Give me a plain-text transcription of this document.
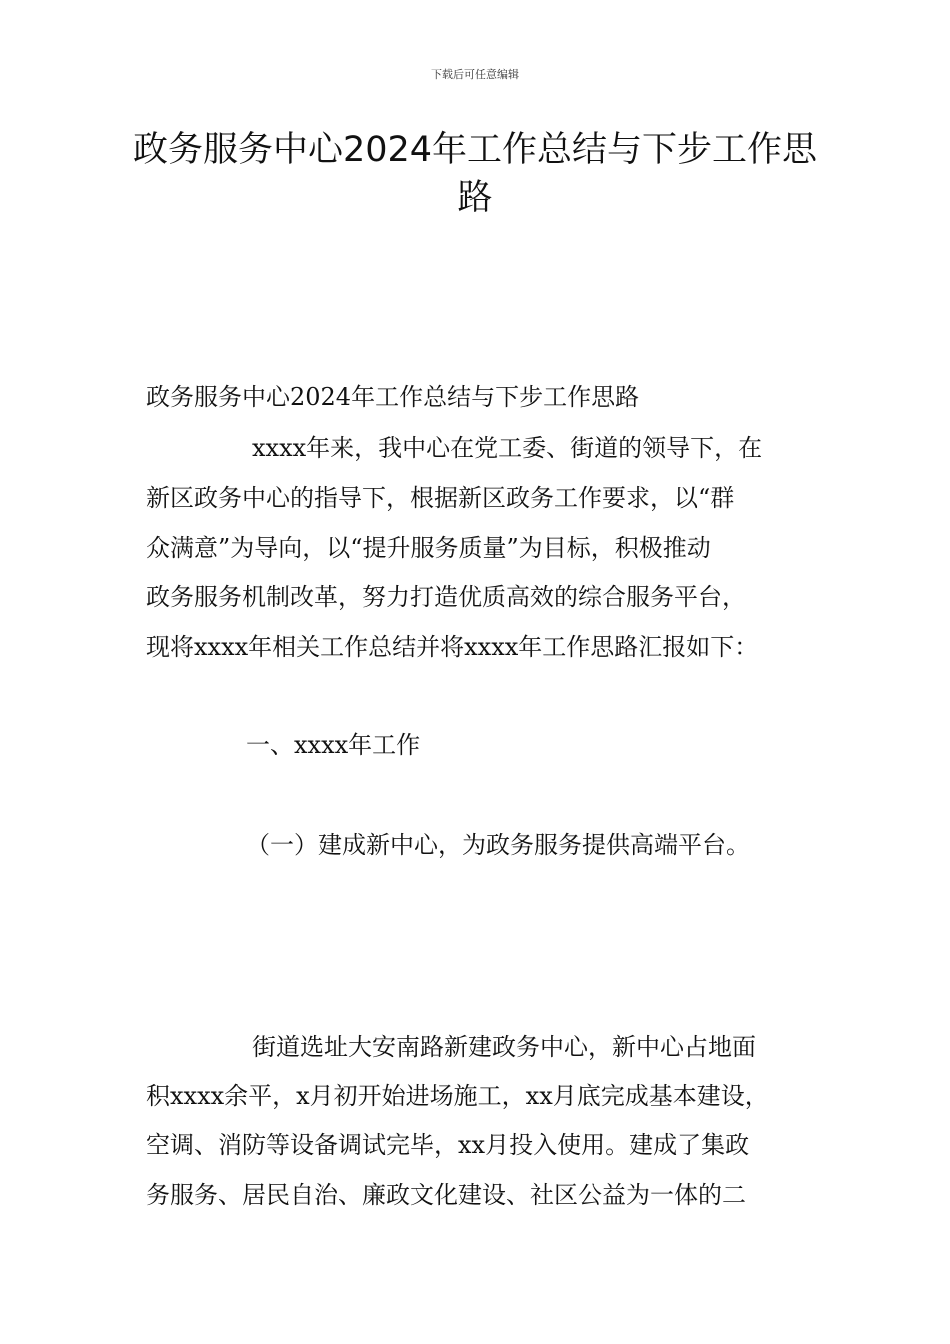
下载后可任意编辑
政务服务中心2024年工作总结与下步工作思路
政务服务中心2024年工作总结与下步工作思路
xxxx年来，我中心在党工委、街道的领导下，在
新区政务中心的指导下，根据新区政务工作要求，以“群
众满意”为导向，以“提升服务质量”为目标，积极推动
政务服务机制改革，努力打造优质高效的综合服务平台，
现将xxxx年相关工作总结并将xxxx年工作思路汇报如下：
一、xxxx年工作
（一）建成新中心，为政务服务提供高端平台。
街道选址大安南路新建政务中心，新中心占地面
积xxxx余平，x月初开始进场施工，xx月底完成基本建设，
空调、消防等设备调试完毕，xx月投入使用。建成了集政
务服务、居民自治、廉政文化建设、社区公益为一体的二
